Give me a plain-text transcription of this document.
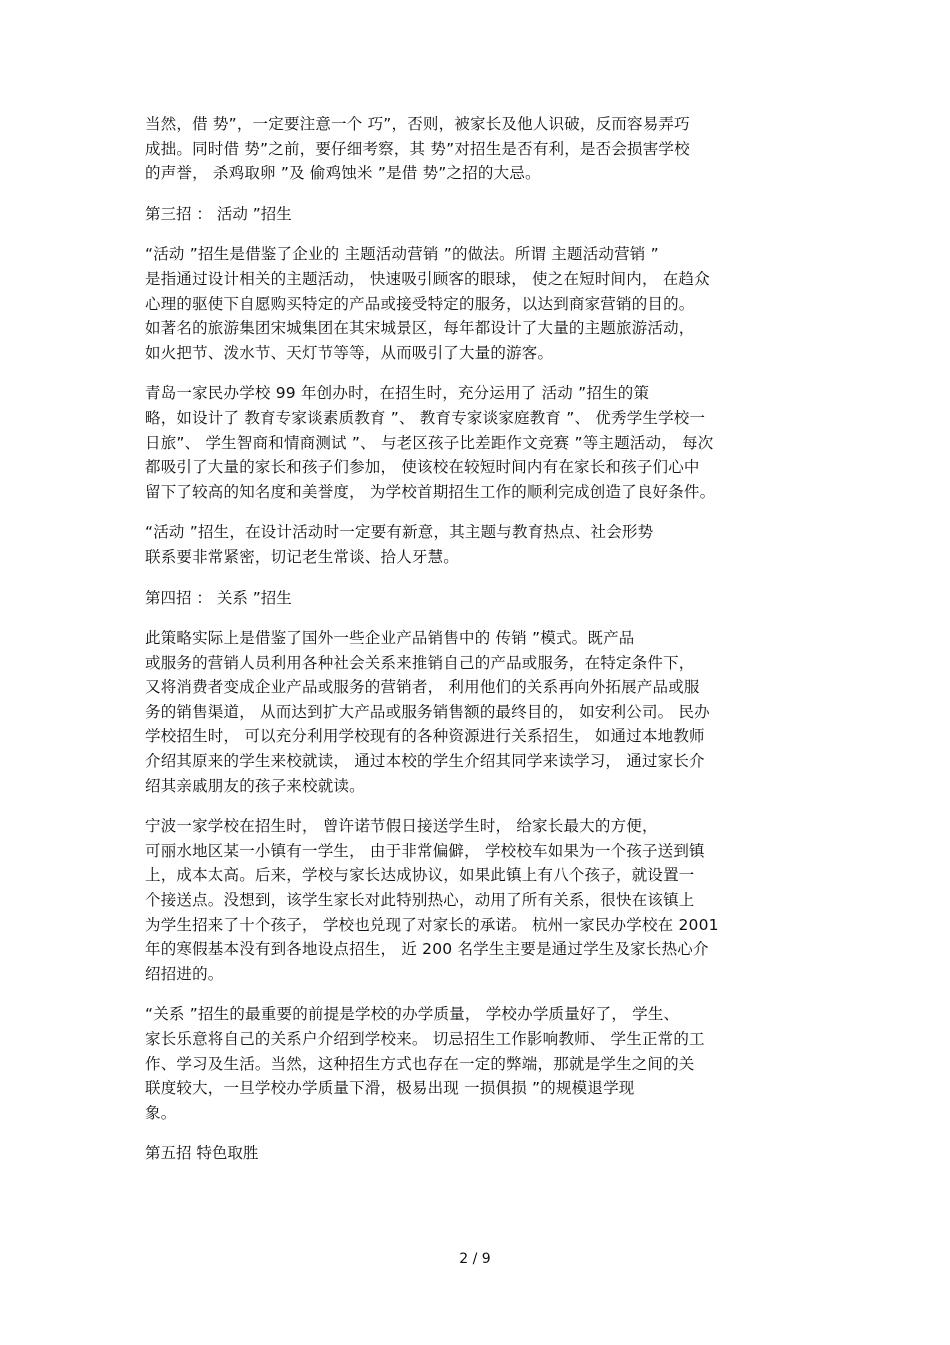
当然，借 势”，一定要注意一个 巧”，否则，被家长及他人识破，反而容易弄巧
成拙。同时借 势”之前，要仔细考察，其 势”对招生是否有利，是否会损害学校
的声誉， 杀鸡取卵 ”及 偷鸡蚀米 ”是借 势”之招的大忌。
第三招 ： 活动 ”招生
“活动 ”招生是借鉴了企业的 主题活动营销 ”的做法。所谓 主题活动营销 ”
是指通过设计相关的主题活动， 快速吸引顾客的眼球， 使之在短时间内， 在趋众
心理的驱使下自愿购买特定的产品或接受特定的服务，以达到商家营销的目的。
如著名的旅游集团宋城集团在其宋城景区，每年都设计了大量的主题旅游活动，
如火把节、泼水节、天灯节等等，从而吸引了大量的游客。
青岛一家民办学校 99 年创办时，在招生时，充分运用了 活动 ”招生的策
略，如设计了 教育专家谈素质教育 ”、 教育专家谈家庭教育 ”、 优秀学生学校一
日旅”、 学生智商和情商测试 ”、 与老区孩子比差距作文竞赛 ”等主题活动， 每次
都吸引了大量的家长和孩子们参加， 使该校在较短时间内有在家长和孩子们心中
留下了较高的知名度和美誉度， 为学校首期招生工作的顺利完成创造了良好条件。
“活动 ”招生，在设计活动时一定要有新意，其主题与教育热点、社会形势
联系要非常紧密，切记老生常谈、拾人牙慧。
第四招 ： 关系 ”招生
此策略实际上是借鉴了国外一些企业产品销售中的 传销 ”模式。既产品
或服务的营销人员利用各种社会关系来推销自己的产品或服务，在特定条件下，
又将消费者变成企业产品或服务的营销者， 利用他们的关系再向外拓展产品或服
务的销售渠道， 从而达到扩大产品或服务销售额的最终目的， 如安利公司。 民办
学校招生时， 可以充分利用学校现有的各种资源进行关系招生， 如通过本地教师
介绍其原来的学生来校就读， 通过本校的学生介绍其同学来读学习， 通过家长介
绍其亲戚朋友的孩子来校就读。
宁波一家学校在招生时， 曾许诺节假日接送学生时， 给家长最大的方便，
可丽水地区某一小镇有一学生， 由于非常偏僻， 学校校车如果为一个孩子送到镇
上，成本太高。后来，学校与家长达成协议，如果此镇上有八个孩子，就设置一
个接送点。没想到，该学生家长对此特别热心，动用了所有关系，很快在该镇上
为学生招来了十个孩子， 学校也兑现了对家长的承诺。 杭州一家民办学校在 2001
年的寒假基本没有到各地设点招生， 近 200 名学生主要是通过学生及家长热心介
绍招进的。
“关系 ”招生的最重要的前提是学校的办学质量， 学校办学质量好了， 学生、
家长乐意将自己的关系户介绍到学校来。 切忌招生工作影响教师、 学生正常的工
作、学习及生活。当然，这种招生方式也存在一定的弊端，那就是学生之间的关
联度较大，一旦学校办学质量下滑，极易出现 一损俱损 ”的规模退学现
象。
第五招 特色取胜
2 / 9
